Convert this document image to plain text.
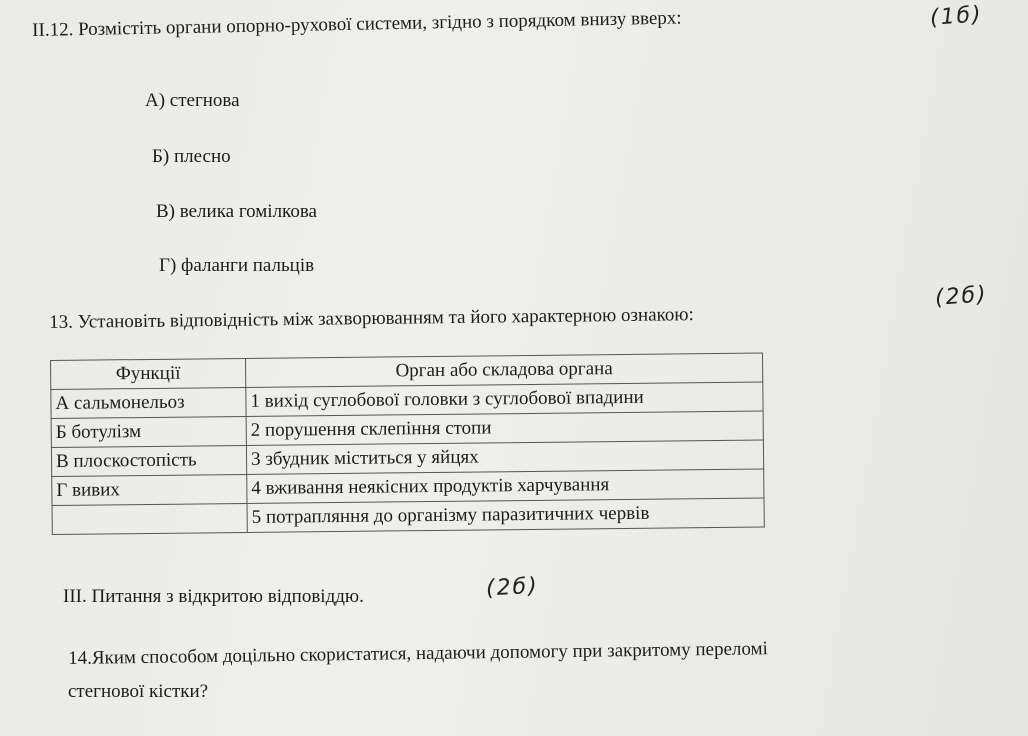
II.12. Розмістіть органи опорно-рухової системи, згідно з порядком внизу вверх:	(1б)
А) стегнова
Б) плесно
В) велика гомілкова
Г) фаланги пальців
13. Установіть відповідність між захворюванням та його характерною ознакою:
(2б)
Функції	Орган або складова органа
А сальмонельоз	1 вихід суглобової головки з суглобової впадини
Б ботулізм	2 порушення склепіння стопи
В плоскостопість	3 збудник міститься у яйцях
Г вивих	4 вживання неякісних продуктів харчування
	5 потрапляння до організму паразитичних червів
III. Питання з відкритою відповіддю.	(2б)
14.Яким способом доцільно скористатися, надаючи допомогу при закритому переломі
стегнової кістки?
